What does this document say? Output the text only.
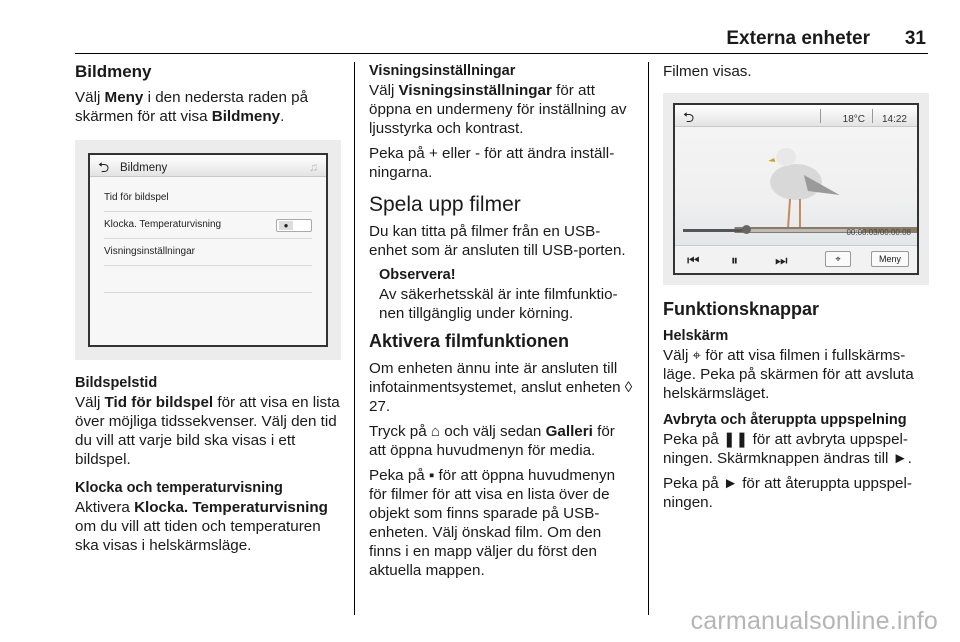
Externa enheter 31
Bildmeny

Välj Meny i den nedersta raden på skärmen för att visa Bildmeny.

⮌ Bildmeny	♫
Tid för bildspel
Klocka. Temperaturvisning	●
Visningsinställningar
Bildspelstid

Välj Tid för bildspel för att visa en lista över möjliga tidssekvenser. Välj den tid du vill att varje bild ska visas i ett bildspel.

Klocka och temperaturvisning

Aktivera Klocka. Temperaturvisning om du vill att tiden och temperaturen ska visas i helskärmsläge.

Visningsinställningar

Välj Visningsinställningar för att öppna en undermeny för inställning av ljusstyrka och kontrast.

Peka på + eller - för att ändra inställningarna.

Spela upp filmer

Du kan titta på filmer från en USB-enhet som är ansluten till USB-porten.

Observera!
Av säkerhetsskäl är inte filmfunktionen tillgänglig under körning.
Aktivera filmfunktionen

Om enheten ännu inte är ansluten till infotainmentsystemet, anslut enheten ◊ 27.

Tryck på ⌂ och välj sedan Galleri för att öppna huvudmenyn för media.

Peka på ▪ för att öppna huvudmenyn för filmer för att visa en lista över de objekt som finns sparade på USB-enheten. Välj önskad film. Om den finns i en mapp väljer du först den aktuella mappen.

Filmen visas.

⮌	18°C 14:22
00:00:03/00:00:08
⏮ ⏸	⏭	⌖	Meny
Funktionsknappar
Helskärm

Välj ⌖ för att visa filmen i fullskärmsläge. Peka på skärmen för att avsluta helskärmsläget.

Avbryta och återuppta uppspelning

Peka på ❚❚ för att avbryta uppspelningen. Skärmknappen ändras till ►.

Peka på ► för att återuppta uppspelningen.

carmanualsonline.info
